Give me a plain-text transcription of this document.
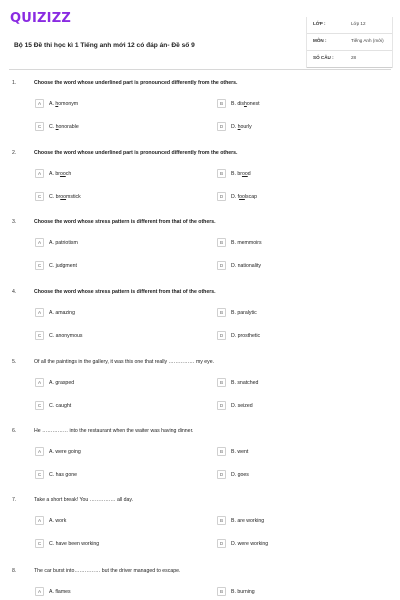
QUIZIZZ
Bộ 15 Đề thi học kì 1 Tiếng anh mới 12 có đáp án- Đề số 9
LỚP :	Lớp 12
MÔN :	Tiếng Anh (mới)
SỐ CÂU :	28
1.	Choose the word whose underlined part is pronounced differently from the others.
A	A. homonym	B	B. dishonest
C	C. honorable	D	D. hourly
2.	Choose the word whose underlined part is pronounced differently from the others.
A	A. brooch	B	B. brood
C	C. broomstick	D	D. foolscap
3.	Choose the word whose stress pattern is different from that of the others.
A	A. patriotism	B	B. memmoirs
C	C. judgment	D	D. nationality
4.	Choose the word whose stress pattern is different from that of the others.
A	A. amazing	B	B. paralytic
C	C. anonymous	D	D. prosthetic
5.	Of all the paintings in the gallery, it was this one that really …………… my eye.
A	A. grasped	B	B. snatched
C	C. caught	D	D. seized
6.	He …………… into the restaurant when the waiter was having dinner.
A	A. were going	B	B. went
C	C. has gone	D	D. goes
7.	Take a short break! You …………… all day.
A	A. work	B	B. are working
C	C. have been working	D	D. were working
8.	The car burst into…………… but the driver managed to escape.
A	A. flames	B	B. burning
